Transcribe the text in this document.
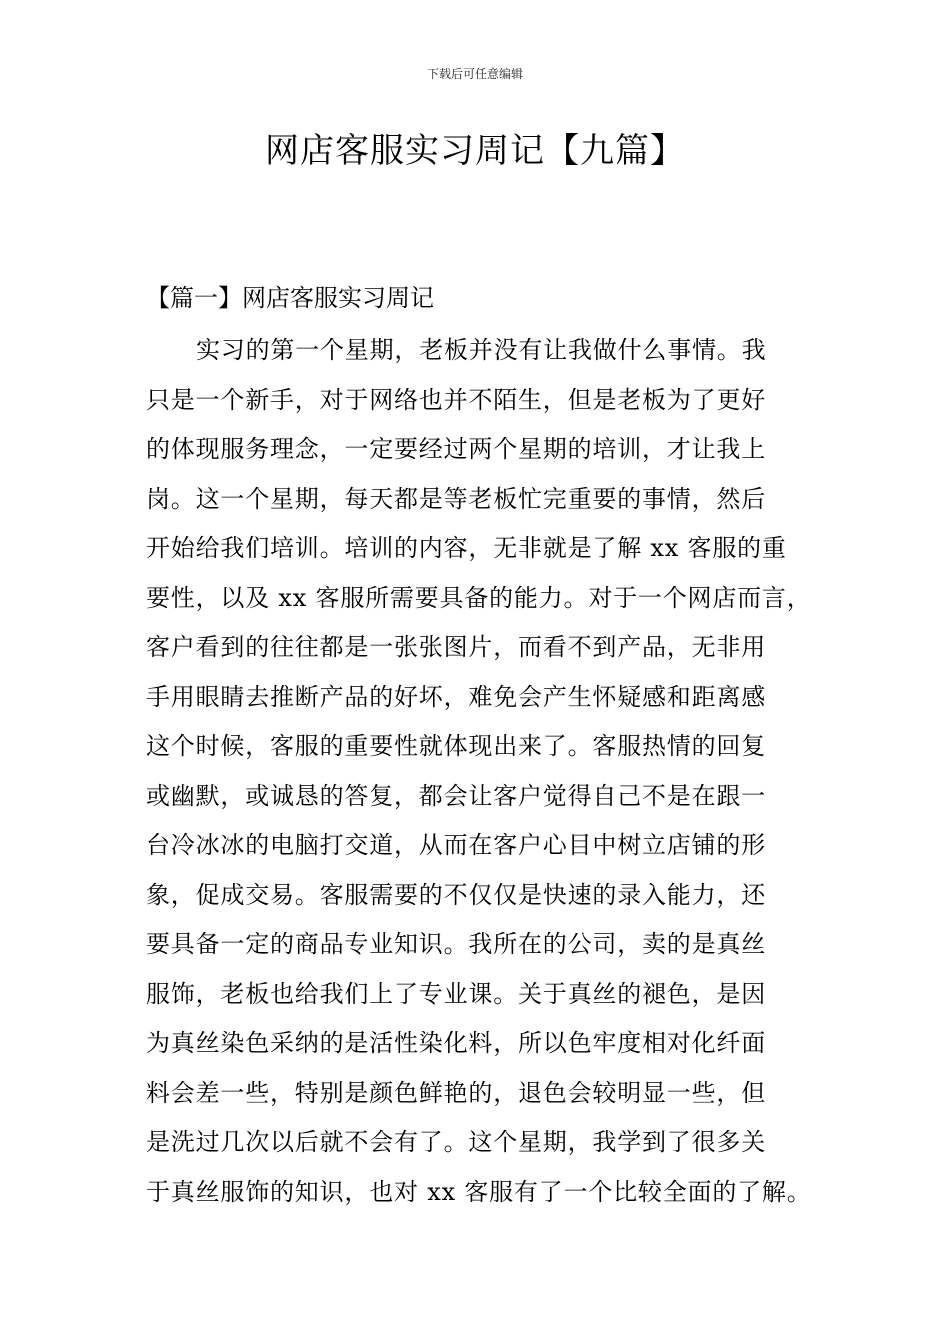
下载后可任意编辑
网店客服实习周记【九篇】
【篇一】网店客服实习周记
实习的第一个星期，老板并没有让我做什么事情。我
只是一个新手，对于网络也并不陌生，但是老板为了更好
的体现服务理念，一定要经过两个星期的培训，才让我上
岗。这一个星期，每天都是等老板忙完重要的事情，然后
开始给我们培训。培训的内容，无非就是了解 xx 客服的重
要性，以及 xx 客服所需要具备的能力。对于一个网店而言，
客户看到的往往都是一张张图片，而看不到产品，无非用
手用眼睛去推断产品的好坏，难免会产生怀疑感和距离感
这个时候，客服的重要性就体现出来了。客服热情的回复
或幽默，或诚恳的答复，都会让客户觉得自己不是在跟一
台冷冰冰的电脑打交道，从而在客户心目中树立店铺的形
象，促成交易。客服需要的不仅仅是快速的录入能力，还
要具备一定的商品专业知识。我所在的公司，卖的是真丝
服饰，老板也给我们上了专业课。关于真丝的褪色，是因
为真丝染色采纳的是活性染化料，所以色牢度相对化纤面
料会差一些，特别是颜色鲜艳的，退色会较明显一些，但
是洗过几次以后就不会有了。这个星期，我学到了很多关
于真丝服饰的知识，也对 xx 客服有了一个比较全面的了解。
